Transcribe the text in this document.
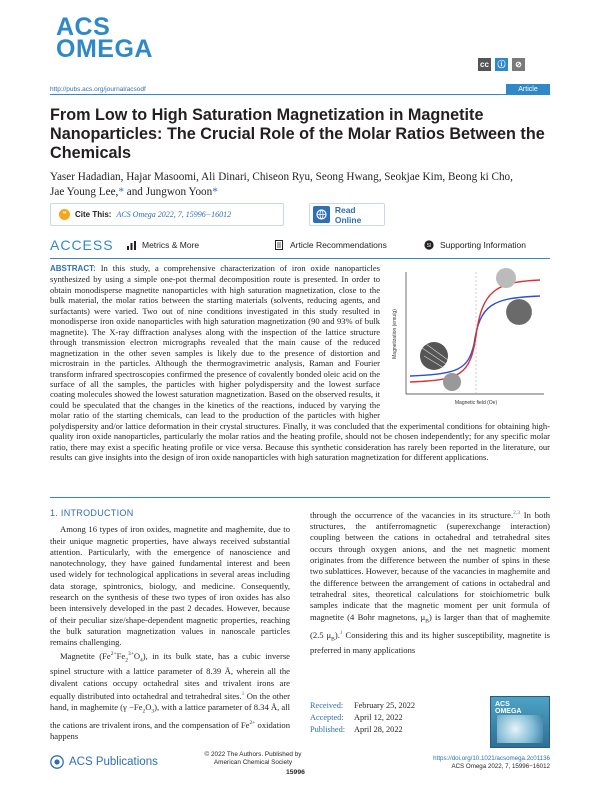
ACS
OMEGA
cc	ⓘ	⊘
http://pubs.acs.org/journal/acsodf	Article
From Low to High Saturation Magnetization in Magnetite Nanoparticles: The Crucial Role of the Molar Ratios Between the Chemicals
Yaser Hadadian, Hajar Masoomi, Ali Dinari, Chiseon Ryu, Seong Hwang, Seokjae Kim, Beong ki Cho,
Jae Young Lee,* and Jungwon Yoon*
❝	Cite This: ACS Omega 2022, 7, 15996−16012	Read Online
ACCESS	Metrics & More	Article Recommendations	SI Supporting Information
Magnetization (emu/g)
Magnetic field (Oe)
ABSTRACT: In this study, a comprehensive characterization of iron oxide nanoparticles synthesized by using a simple one-pot thermal decomposition route is presented. In order to obtain monodisperse magnetite nanoparticles with high saturation magnetization, close to the bulk material, the molar ratios between the starting materials (solvents, reducing agents, and surfactants) were varied. Two out of nine conditions investigated in this study resulted in monodisperse iron oxide nanoparticles with high saturation magnetization (90 and 93% of bulk magnetite). The X-ray diffraction analyses along with the inspection of the lattice structure through transmission electron micrographs revealed that the main cause of the reduced magnetization in the other seven samples is likely due to the presence of distortion and microstrain in the particles. Although the thermogravimetric analysis, Raman and Fourier transform infrared spectroscopies confirmed the presence of covalently bonded oleic acid on the surface of all the samples, the particles with higher polydispersity and the lowest surface coating molecules showed the lowest saturation magnetization. Based on the observed results, it could be speculated that the changes in the kinetics of the reactions, induced by varying the molar ratio of the starting chemicals, can lead to the production of the particles with higher polydispersity and/or lattice deformation in their crystal structures. Finally, it was concluded that the experimental conditions for obtaining high-quality iron oxide nanoparticles, particularly the molar ratios and the heating profile, should not be chosen independently; for any specific molar ratio, there may exist a specific heating profile or vice versa. Because this synthetic consideration has rarely been reported in the literature, our results can give insights into the design of iron oxide nanoparticles with high saturation magnetization for different applications.
1. INTRODUCTION

Among 16 types of iron oxides, magnetite and maghemite, due to their unique magnetic properties, have always received substantial attention. Particularly, with the emergence of nanoscience and nanotechnology, they have gained fundamental interest and been used widely for technological applications in several areas including data storage, spintronics, biology, and medicine. Consequently, research on the synthesis of these two types of iron oxides has also been intensively developed in the past 2 decades. However, because of their peculiar size/shape-dependent magnetic properties, reaching the bulk saturation magnetization values in nanoscale particles remains challenging.

Magnetite $(Fe^{2+}Fe_2^{3+}O_4)$, in its bulk state, has a cubic inverse spinel structure with a lattice parameter of 8.39 Å, wherein all the divalent cations occupy octahedral sites and trivalent irons are equally distributed into octahedral and tetrahedral sites.$^1$ On the other hand, in maghemite $(\gamma -Fe_2O_3)$, with a lattice parameter of 8.34 Å, all the cations are trivalent irons, and the compensation of $Fe^{2+}$ oxidation happens

through the occurrence of the vacancies in its structure.$^{2,3}$ In both structures, the antiferromagnetic (superexchange interaction) coupling between the cations in octahedral and tetrahedral sites occurs through oxygen anions, and the net magnetic moment originates from the difference between the number of spins in these two sublattices. However, because of the vacancies in maghemite and the difference between the arrangement of cations in octahedral and tetrahedral sites, theoretical calculations for stoichiometric bulk samples indicate that the magnetic moment per unit formula of magnetite (4 Bohr magnetons, $\mu_B$) is larger than that of maghemite (2.5 $\mu_B).^1$ Considering this and its higher susceptibility, magnetite is preferred in many applications

Received: February 25, 2022
Accepted: April 12, 2022
Published: April 28, 2022
ACS
OMEGA
ACS Publications
© 2022 The Authors. Published by
American Chemical Society
15996
https://doi.org/10.1021/acsomega.2c01136
ACS Omega 2022, 7, 15996−16012
